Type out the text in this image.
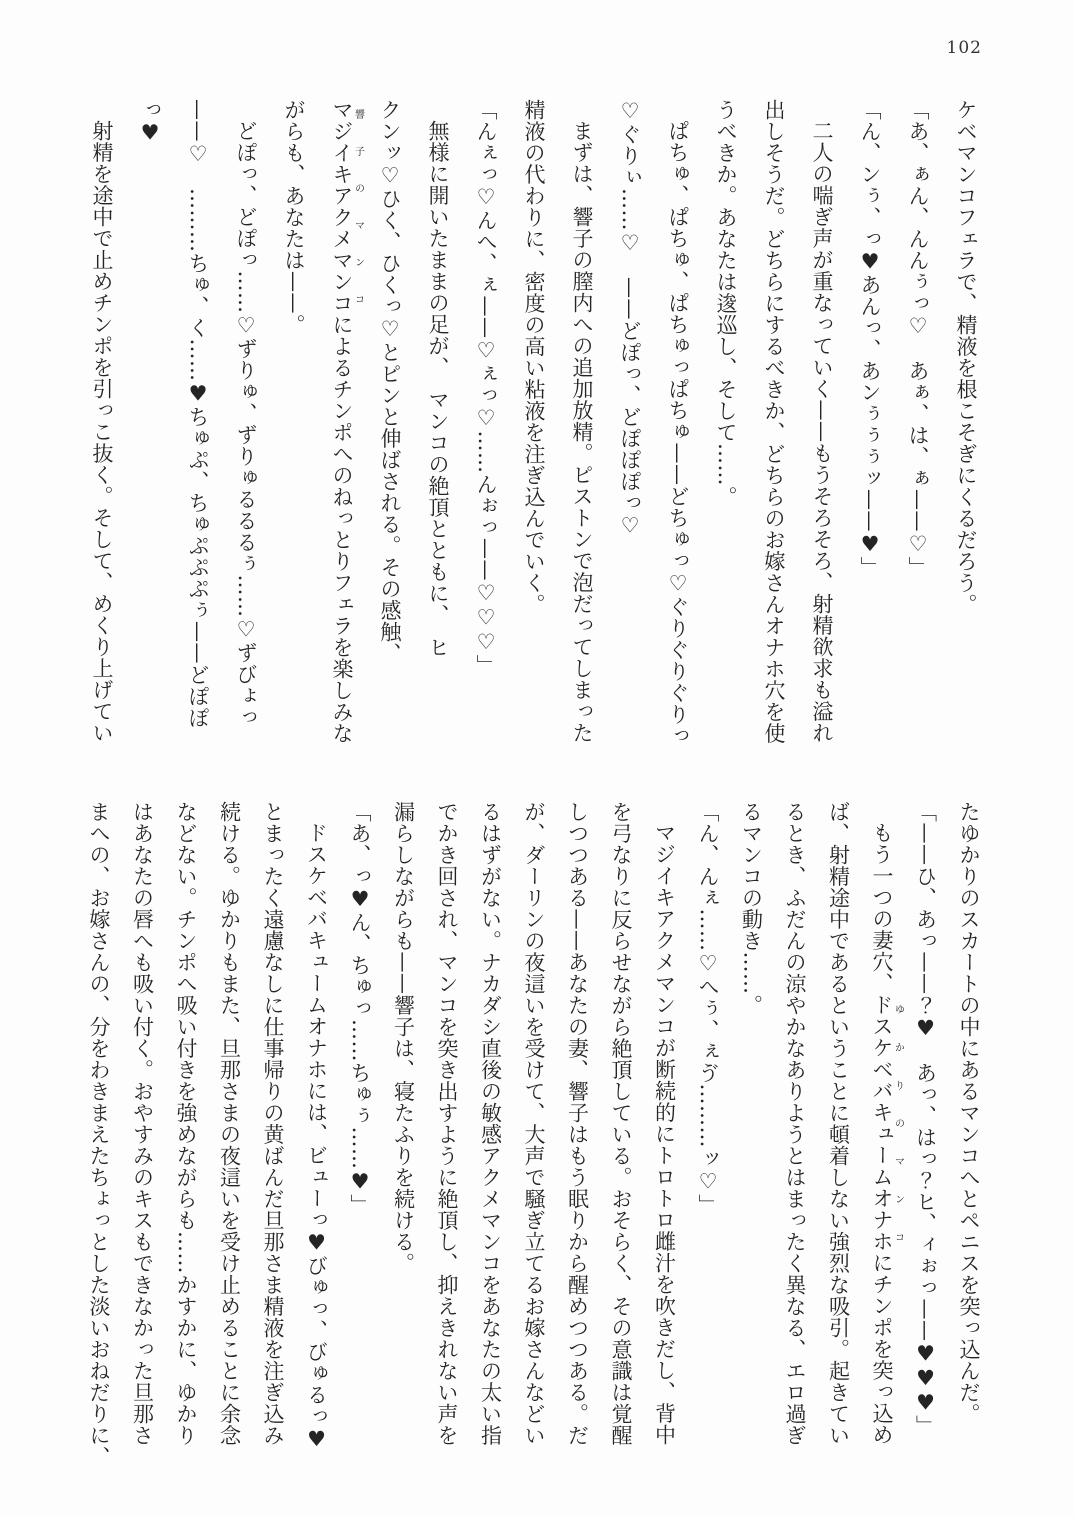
102

ケベマンコフェラで、精液を根こそぎにくるだろう。

「あ、ぁん、んんぅっ♡　あぁ、は、ぁ——♡」

「ん、ンぅ、っ♥あんっ、あンぅぅぅッ——♥」

二人の喘ぎ声が重なっていく——もうそろそろ、射精欲求も溢れ

出しそうだ。どちらにするべきか、どちらのお嫁さんオナホ穴を使

うべきか。あなたは逡巡し、そして……。

ぱちゅ、ぱちゅ、ぱちゅっぱちゅ——どちゅっ♡ぐりぐりぐりっ

♡ぐりぃ……♡　——どぽっ、どぽぽぽっ♡

まずは、響子の膣内への追加放精。ピストンで泡だってしまった

精液の代わりに、密度の高い粘液を注ぎ込んでいく。

「んぇっ♡んへ、ぇ——♡ぇっ♡……んぉっ——♡♡♡」

無様に開いたままの足が、　マンコの絶頂とともに、　ヒ

クンッ♡ひく、ひくっ♡とピンと伸ばされる。その感触、

マジイキアクメマンコ響子のマンコによるチンポへのねっとりフェラを楽しみな

がらも、あなたは——。

どぽっ、どぽっ……♡ずりゅ、ずりゅるるるぅ……♡ずびょっ

——♡　………ちゅ、く……♥ちゅぷ、ちゅぷぷぷぅ——どぽぽ

っ♥

射精を途中で止めチンポを引っこ抜く。そして、めくり上げてい

たゆかりのスカートの中にあるマンコへとペニスを突っ込んだ。

「——ひ、あっ——？♥　あっ、はっ？ヒ、ィぉっ——♥♥♥」

もう一つの妻穴、ドスケベバキュームオナホゆかりのマンコにチンポを突っ込め

ば、射精途中であるということに頓着しない強烈な吸引。起きてい

るとき、ふだんの涼やかなありようとはまったく異なる、エロ過ぎ

るマンコの動き……。

「ん、んぇ……♡へぅ、ぇゔ………ッ♡」

マジイキアクメマンコが断続的にトロトロ雌汁を吹きだし、背中

を弓なりに反らせながら絶頂している。おそらく、その意識は覚醒

しつつある——あなたの妻、響子はもう眠りから醒めつつある。だ

が、ダーリンの夜這いを受けて、大声で騒ぎ立てるお嫁さんなどい

るはずがない。ナカダシ直後の敏感アクメマンコをあなたの太い指

でかき回され、マンコを突き出すように絶頂し、抑えきれない声を

漏らしながらも——響子は、寝たふりを続ける。

「あ、っ♥ん、ちゅっ……ちゅぅ……♥」

ドスケベバキュームオナホには、ビューっ♥びゅっ、びゅるっ♥

とまったく遠慮なしに仕事帰りの黄ばんだ旦那さま精液を注ぎ込み

続ける。ゆかりもまた、旦那さまの夜這いを受け止めることに余念

などない。チンポへ吸い付きを強めながらも……かすかに、ゆかり

はあなたの唇へも吸い付く。おやすみのキスもできなかった旦那さ

まへの、お嫁さんの、分をわきまえたちょっとした淡いおねだりに、
